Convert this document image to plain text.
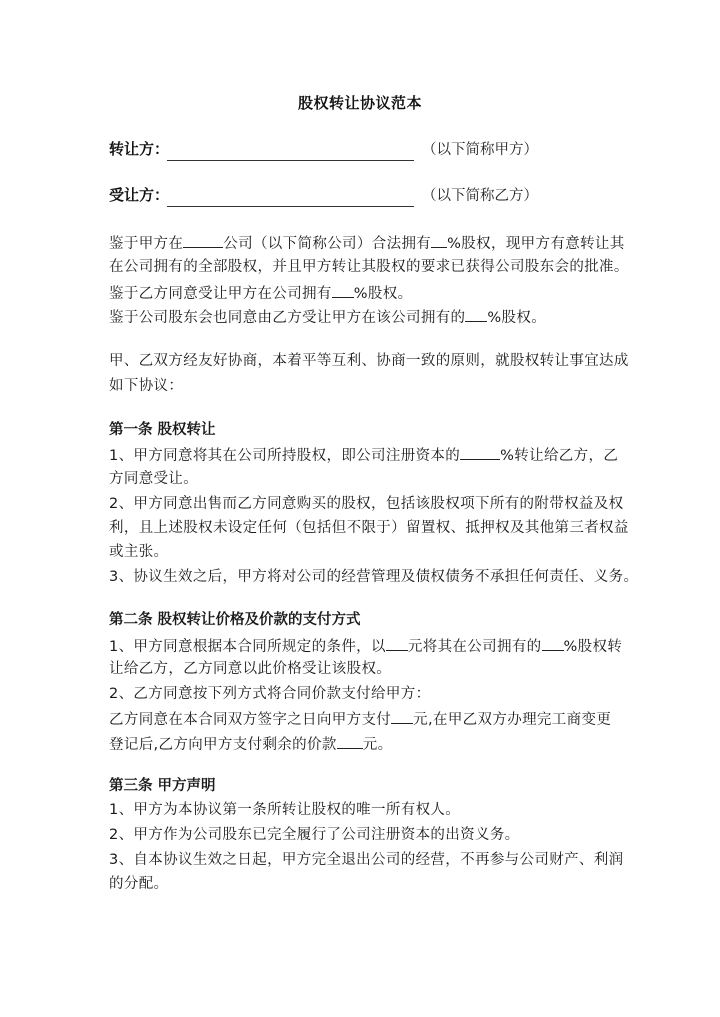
股权转让协议范本
转让方：	（以下简称甲方）
受让方：	（以下简称乙方）
鉴于甲方在	公司（以下简称公司）合法拥有 %股权，现甲方有意转让其
在公司拥有的全部股权，并且甲方转让其股权的要求已获得公司股东会的批准。
鉴于乙方同意受让甲方在公司拥有 %股权。
鉴于公司股东会也同意由乙方受让甲方在该公司拥有的 %股权。
甲、乙双方经友好协商，本着平等互利、协商一致的原则，就股权转让事宜达成
如下协议：
第一条 股权转让
1、甲方同意将其在公司所持股权，即公司注册资本的	%转让给乙方，乙
方同意受让。
2、甲方同意出售而乙方同意购买的股权，包括该股权项下所有的附带权益及权
利，且上述股权未设定任何（包括但不限于）留置权、抵押权及其他第三者权益
或主张。
3、协议生效之后，甲方将对公司的经营管理及债权债务不承担任何责任、义务。
第二条 股权转让价格及价款的支付方式
1、甲方同意根据本合同所规定的条件，以 元将其在公司拥有的 %股权转
让给乙方，乙方同意以此价格受让该股权。
2、乙方同意按下列方式将合同价款支付给甲方：
乙方同意在本合同双方签字之日向甲方支付 元,在甲乙双方办理完工商变更
登记后,乙方向甲方支付剩余的价款 元。
第三条 甲方声明
1、甲方为本协议第一条所转让股权的唯一所有权人。
2、甲方作为公司股东已完全履行了公司注册资本的出资义务。
3、自本协议生效之日起，甲方完全退出公司的经营，不再参与公司财产、利润
的分配。
